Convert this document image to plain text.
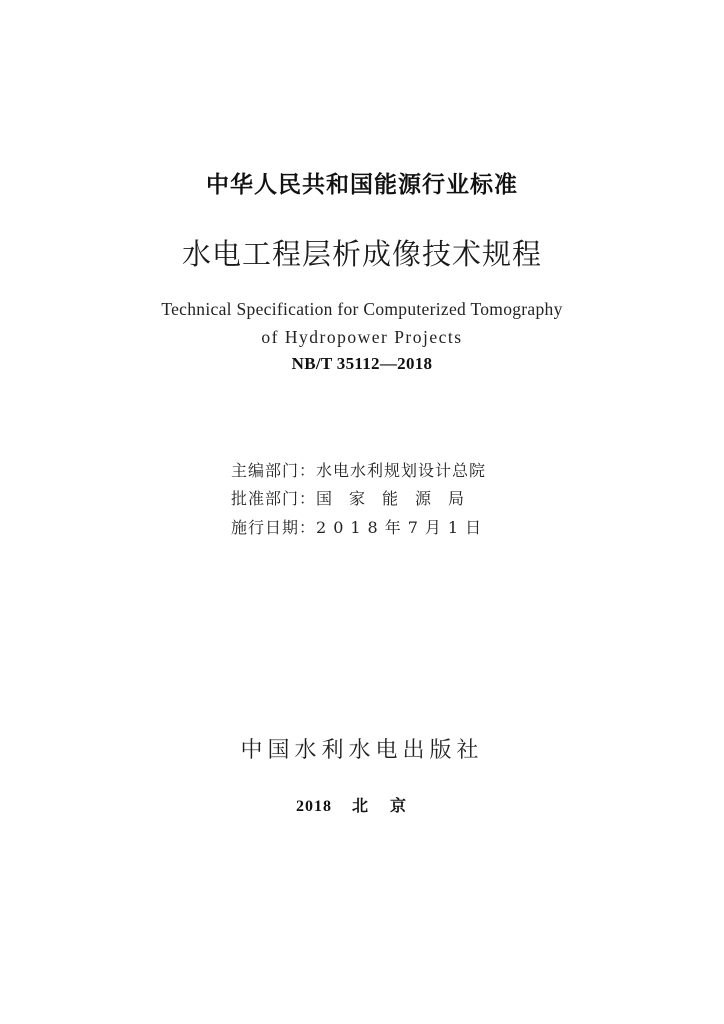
中华人民共和国能源行业标准
水电工程层析成像技术规程
Technical Specification for Computerized Tomography
of Hydropower Projects
NB/T 35112—2018
主编部门：水电水利规划设计总院
批准部门：国家能源局
施行日期：2018年7月1日
中国水利水电出版社
2018 北京
